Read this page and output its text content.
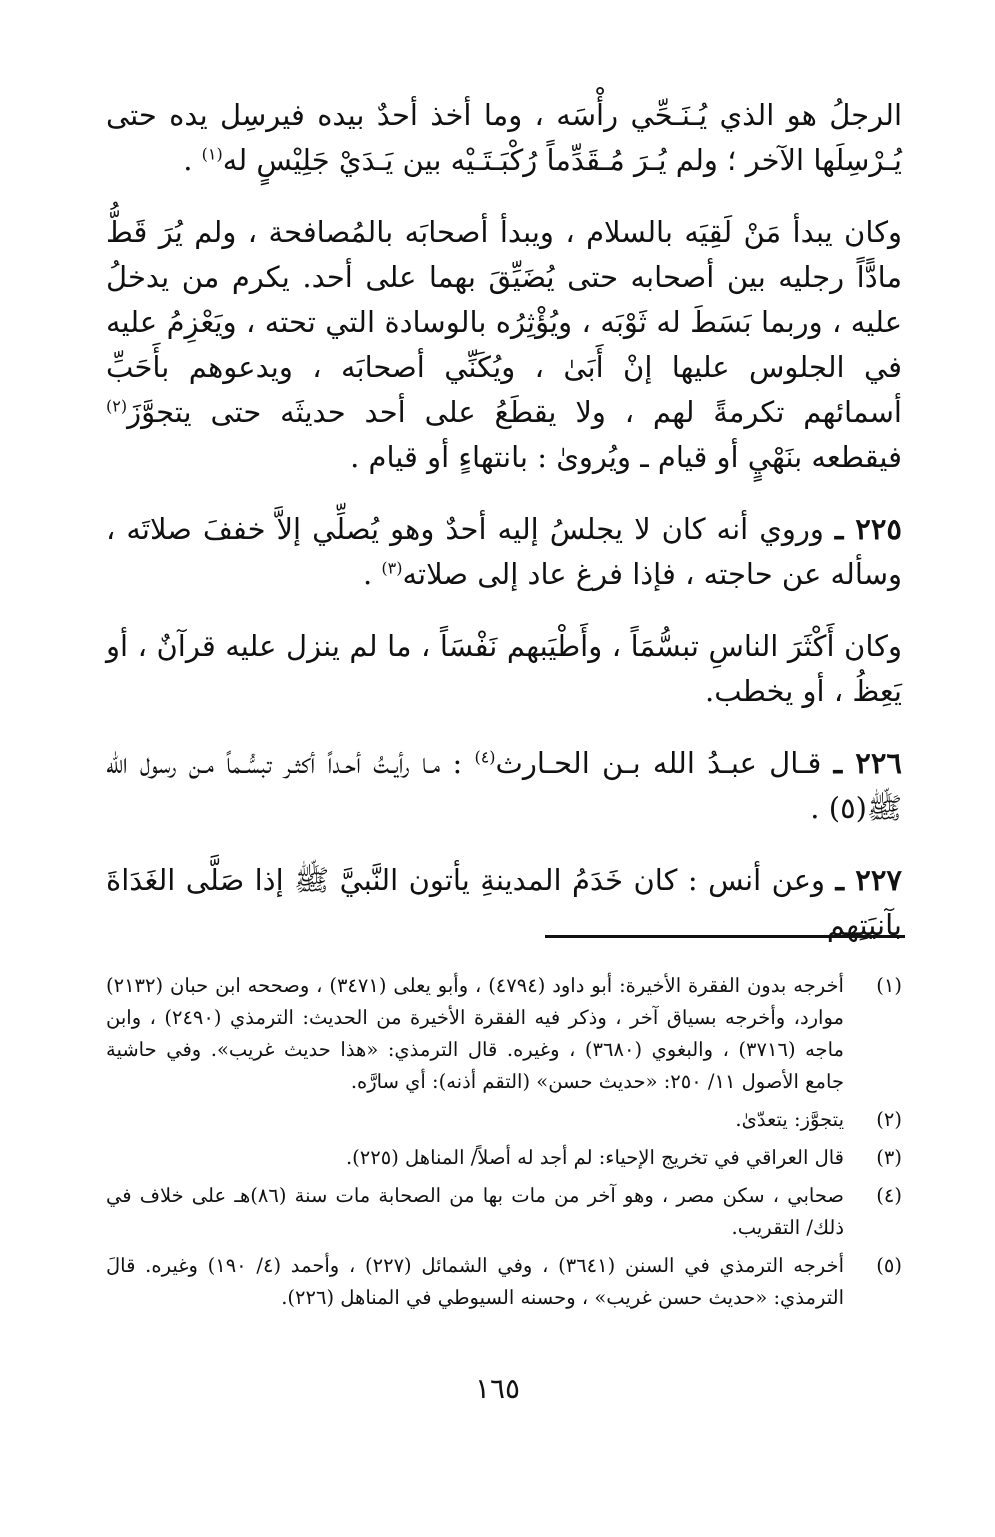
الرجلُ هو الذي يُـنَـحِّي رأْسَه ، وما أخذ أحدٌ بيده فيرسِل يده حتى يُـرْسِلَها الآخر ؛ ولم يُـرَ مُـقَدِّماً رُكْبَـتَـيْه بين يَـدَيْ جَلِيْسٍ له$^{(١)}$ .

وكان يبدأ مَنْ لَقِيَه بالسلام ، ويبدأ أصحابَه بالمُصافحة ، ولم يُرَ قَطُّ مادًّاً رجليه بين أصحابه حتى يُضَيِّقَ بهما على أحد. يكرم من يدخلُ عليه ، وربما بَسَطَ له ثَوْبَه ، ويُؤْثِرُه بالوسادة التي تحته ، ويَعْزِمُ عليه في الجلوس عليها إنْ أَبَىٰ ، ويُكَنِّي أصحابَه ، ويدعوهم بأَحَبِّ أسمائهم تكرمةً لهم ، ولا يقطَعُ على أحد حديثَه حتى يتجوَّزَ$^{(٢)}$ فيقطعه بنَهْيٍ أو قيام ـ ويُروىٰ : بانتهاءٍ أو قيام .

٢٢٥ ـ وروي أنه كان لا يجلسُ إليه أحدٌ وهو يُصلِّي إلاَّ خففَ صلاتَه ، وسأله عن حاجته ، فإذا فرغ عاد إلى صلاته$^{(٣)}$ .

وكان أَكْثَرَ الناسِ تبسُّمَاً ، وأَطْيَبهم نَفْسَاً ، ما لم ينزل عليه قرآنٌ ، أو يَعِظُ ، أو يخطب.

٢٢٦ ـ قـال عبـدُ الله بـن الحـارث$^{(٤)}$ : مـا رأيـتُ أحـداً أكثـر تبسُّـماً مـن رسول الله ﷺ(٥) .

٢٢٧ ـ وعن أنس : كان خَدَمُ المدينةِ يأتون النَّبيَّ ﷺ إذا صَلَّى الغَدَاةَ بآنيَتِهم

(١)
أخرجه بدون الفقرة الأخيرة: أبو داود (٤٧٩٤) ، وأبو يعلى (٣٤٧١) ، وصححه ابن حبان (٢١٣٢) موارد، وأخرجه بسياق آخر ، وذكر فيه الفقرة الأخيرة من الحديث: الترمذي (٢٤٩٠) ، وابن ماجه (٣٧١٦) ، والبغوي (٣٦٨٠) ، وغيره. قال الترمذي: «هذا حديث غريب». وفي حاشية جامع الأصول ١١/ ٢٥٠: «حديث حسن» (التقم أذنه): أي سارَّه.
(٢)
يتجوَّز: يتعدّىٰ.
(٣)
قال العراقي في تخريج الإحياء: لم أجد له أصلاً/ المناهل (٢٢٥).
(٤)
صحابي ، سكن مصر ، وهو آخر من مات بها من الصحابة مات سنة (٨٦)هـ على خلاف في ذلك/ التقريب.
(٥)
أخرجه الترمذي في السنن (٣٦٤١) ، وفي الشمائل (٢٢٧) ، وأحمد (٤/ ١٩٠) وغيره. قالَ الترمذي: «حديث حسن غريب» ، وحسنه السيوطي في المناهل (٢٢٦).
١٦٥
